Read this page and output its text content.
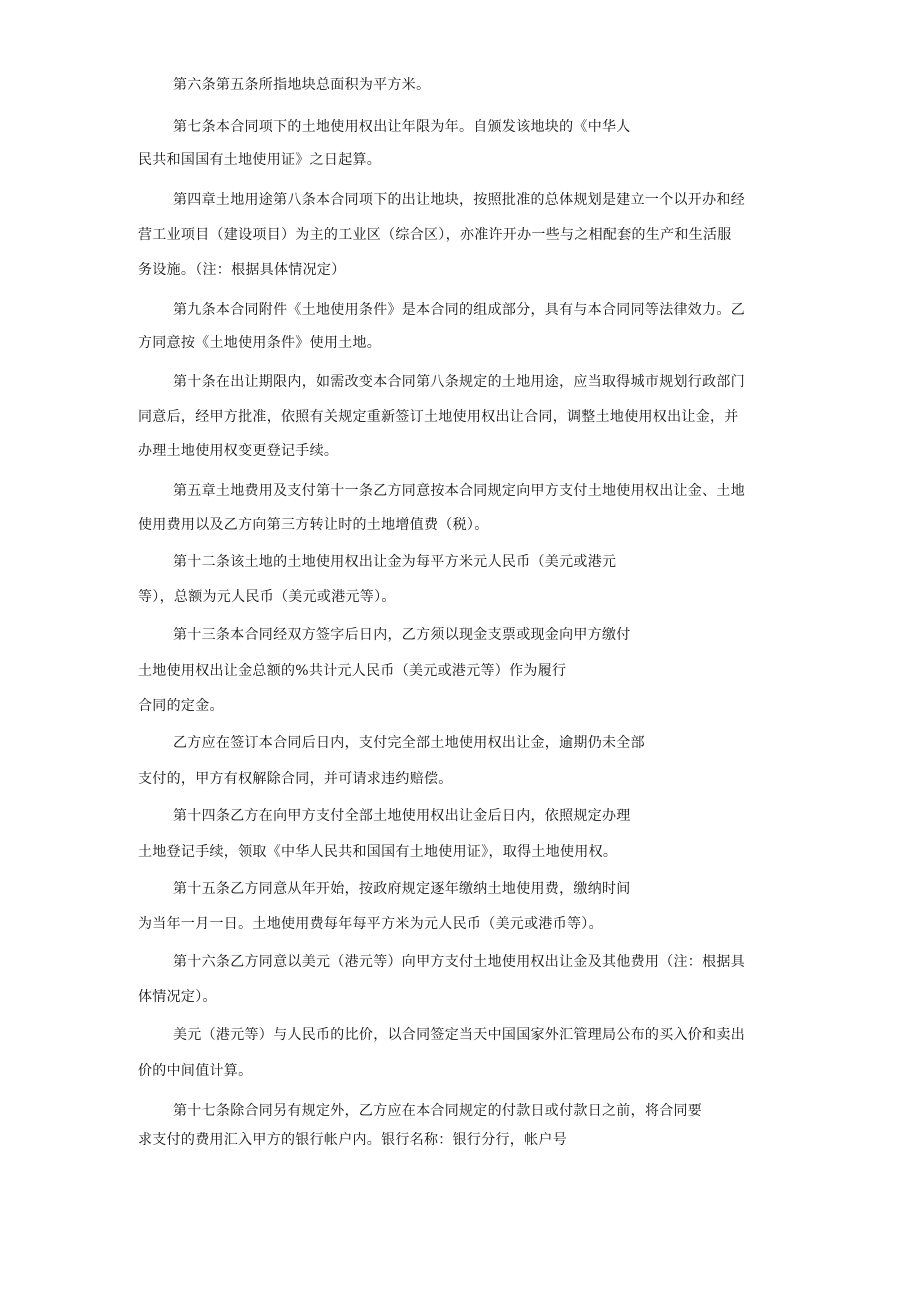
第六条第五条所指地块总面积为平方米。
第七条本合同项下的土地使用权出让年限为年。自颁发该地块的《中华人
民共和国国有土地使用证》之日起算。
第四章土地用途第八条本合同项下的出让地块，按照批准的总体规划是建立一个以开办和经
营工业项目（建设项目）为主的工业区（综合区），亦准许开办一些与之相配套的生产和生活服
务设施。（注：根据具体情况定）
第九条本合同附件《土地使用条件》是本合同的组成部分，具有与本合同同等法律效力。乙
方同意按《土地使用条件》使用土地。
第十条在出让期限内，如需改变本合同第八条规定的土地用途，应当取得城市规划行政部门
同意后，经甲方批准，依照有关规定重新签订土地使用权出让合同，调整土地使用权出让金，并
办理土地使用权变更登记手续。
第五章土地费用及支付第十一条乙方同意按本合同规定向甲方支付土地使用权出让金、土地
使用费用以及乙方向第三方转让时的土地增值费（税）。
第十二条该土地的土地使用权出让金为每平方米元人民币（美元或港元
等），总额为元人民币（美元或港元等）。
第十三条本合同经双方签字后日内，乙方须以现金支票或现金向甲方缴付
土地使用权出让金总额的%共计元人民币（美元或港元等）作为履行
合同的定金。
乙方应在签订本合同后日内，支付完全部土地使用权出让金，逾期仍未全部
支付的，甲方有权解除合同，并可请求违约赔偿。
第十四条乙方在向甲方支付全部土地使用权出让金后日内，依照规定办理
土地登记手续，领取《中华人民共和国国有土地使用证》，取得土地使用权。
第十五条乙方同意从年开始，按政府规定逐年缴纳土地使用费，缴纳时间
为当年一月一日。土地使用费每年每平方米为元人民币（美元或港币等）。
第十六条乙方同意以美元（港元等）向甲方支付土地使用权出让金及其他费用（注：根据具
体情况定）。
美元（港元等）与人民币的比价，以合同签定当天中国国家外汇管理局公布的买入价和卖出
价的中间值计算。
第十七条除合同另有规定外，乙方应在本合同规定的付款日或付款日之前，将合同要
求支付的费用汇入甲方的银行帐户内。银行名称：银行分行，帐户号
